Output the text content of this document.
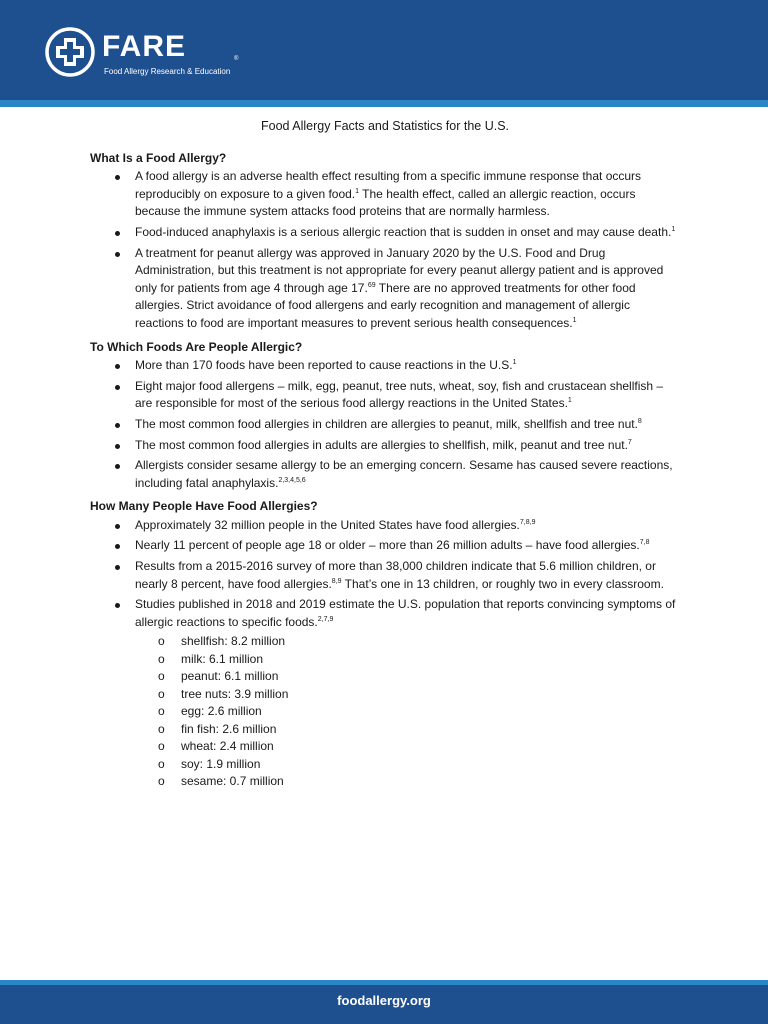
FARE	®
Food Allergy Research & Education
Food Allergy Facts and Statistics for the U.S.
What Is a Food Allergy?
A food allergy is an adverse health effect resulting from a specific immune response that occurs reproducibly on exposure to a given food.$^1$ The health effect, called an allergic reaction, occurs because the immune system attacks food proteins that are normally harmless.
Food-induced anaphylaxis is a serious allergic reaction that is sudden in onset and may cause death.$^1$
A treatment for peanut allergy was approved in January 2020 by the U.S. Food and Drug Administration, but this treatment is not appropriate for every peanut allergy patient and is approved only for patients from age 4 through age 17.69 There are no approved treatments for other food allergies. Strict avoidance of food allergens and early recognition and management of allergic reactions to food are important measures to prevent serious health consequences.$^1$
To Which Foods Are People Allergic?
More than 170 foods have been reported to cause reactions in the U.S.$^1$
Eight major food allergens – milk, egg, peanut, tree nuts, wheat, soy, fish and crustacean shellfish – are responsible for most of the serious food allergy reactions in the United States.$^1$
The most common food allergies in children are allergies to peanut, milk, shellfish and tree nut.$^8$
The most common food allergies in adults are allergies to shellfish, milk, peanut and tree nut.$^7$
Allergists consider sesame allergy to be an emerging concern. Sesame has caused severe reactions, including fatal anaphylaxis.$^{2,3,4,5,6}$
How Many People Have Food Allergies?
Approximately 32 million people in the United States have food allergies.$^{7,8,9}$
Nearly 11 percent of people age 18 or older – more than 26 million adults – have food allergies.$^{7,8}$
Results from a 2015-2016 survey of more than 38,000 children indicate that 5.6 million children, or nearly 8 percent, have food allergies.$^{8,9}$ That’s one in 13 children, or roughly two in every classroom.
Studies published in 2018 and 2019 estimate the U.S. population that reports convincing symptoms of allergic reactions to specific foods.$^{2,7,9}$
o shellfish: 8.2 million
o milk: 6.1 million
o peanut: 6.1 million
o tree nuts: 3.9 million
o egg: 2.6 million
o fin fish: 2.6 million
o wheat: 2.4 million
o soy: 1.9 million
o sesame: 0.7 million
foodallergy.org
